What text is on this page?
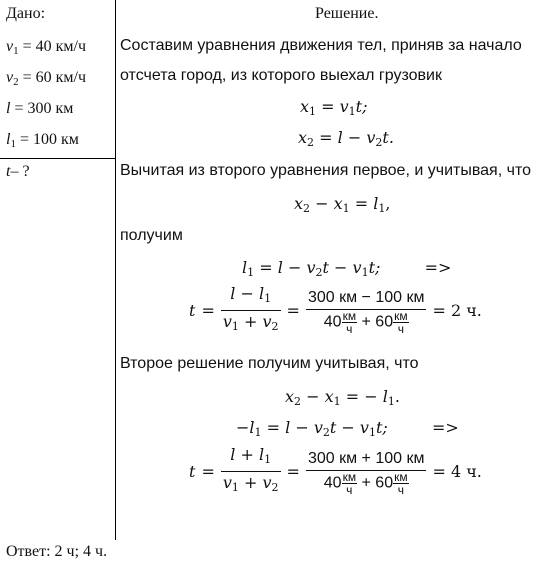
Дано:
$v_1 = 40$ км/ч
$v_2 = 60$ км/ч
l = 300 км
$l_1 = 100$ км
t– ?
Решение.
Составим уравнения движения тел, приняв за начало
отсчета город, из которого выехал грузовик
$x_1 = v_1t$;
$x_2 = l - v_2t$.
Вычитая из второго уравнения первое, и учитывая, что
$x_2 - x_1 = l_1$,
получим
$l_1 = l - v_2t - v_1t$;	=>
$t = \frac{l - l_1}{v_1 + v_2} = 300$ км − 100 км
40 км
ч + 60 км
ч = 2 ч.
Второе решение получим учитывая, что
$x_2 - x_1$ = − $l_1$.
$-l_1 = l - v_2t - v_1t$;	=>
$t = \frac{l + l_1}{v_1 + v_2} = 300$ км + 100 км
40 км
ч + 60 км
ч = 4 ч.
Ответ: 2 ч; 4 ч.
